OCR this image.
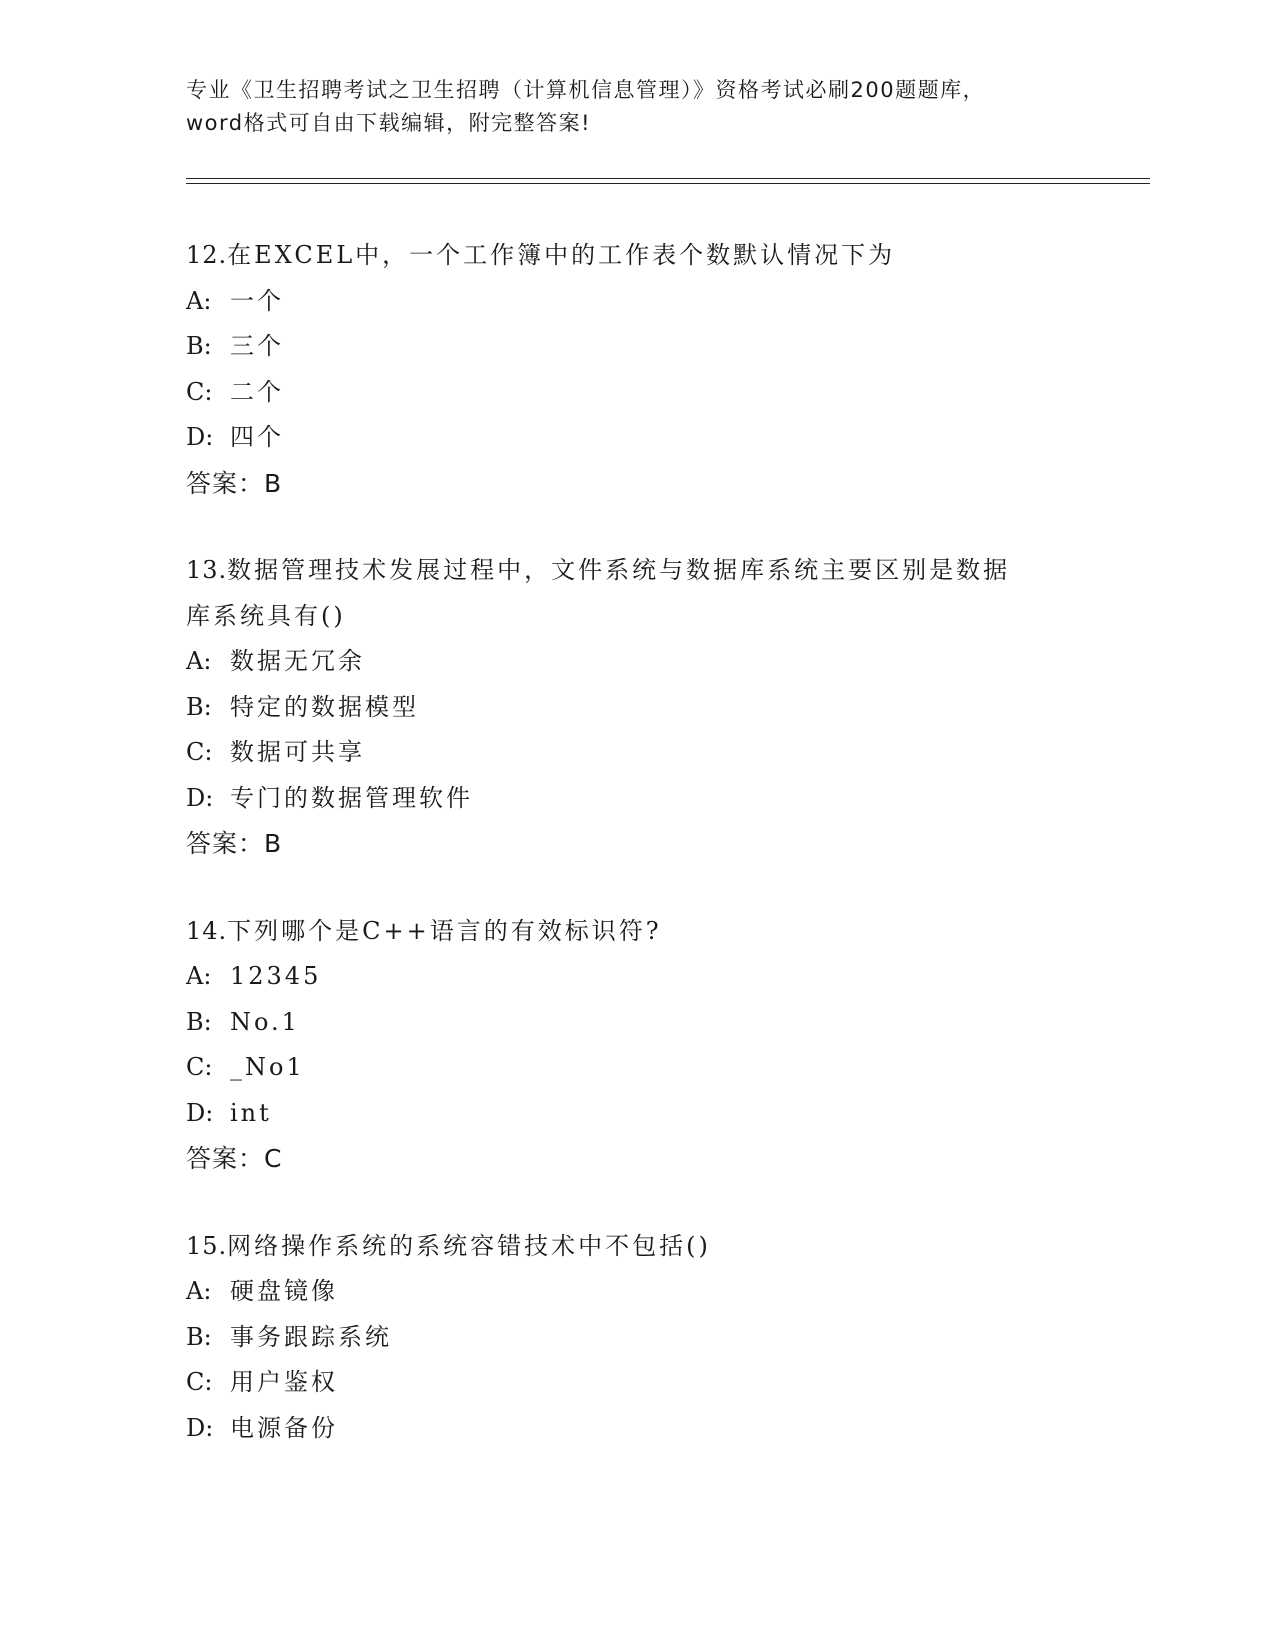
专业《卫生招聘考试之卫生招聘（计算机信息管理）》资格考试必刷200题题库，
word格式可自由下载编辑，附完整答案!
12.在EXCEL中，一个工作簿中的工作表个数默认情况下为
A: 一个
B: 三个
C: 二个
D: 四个
答案：B
13.数据管理技术发展过程中，文件系统与数据库系统主要区别是数据
库系统具有()
A: 数据无冗余
B: 特定的数据模型
C: 数据可共享
D: 专门的数据管理软件
答案：B
14.下列哪个是C++语言的有效标识符?
A: 12345
B: No.1
C: _No1
D: int
答案：C
15.网络操作系统的系统容错技术中不包括()
A: 硬盘镜像
B: 事务跟踪系统
C: 用户鉴权
D: 电源备份
